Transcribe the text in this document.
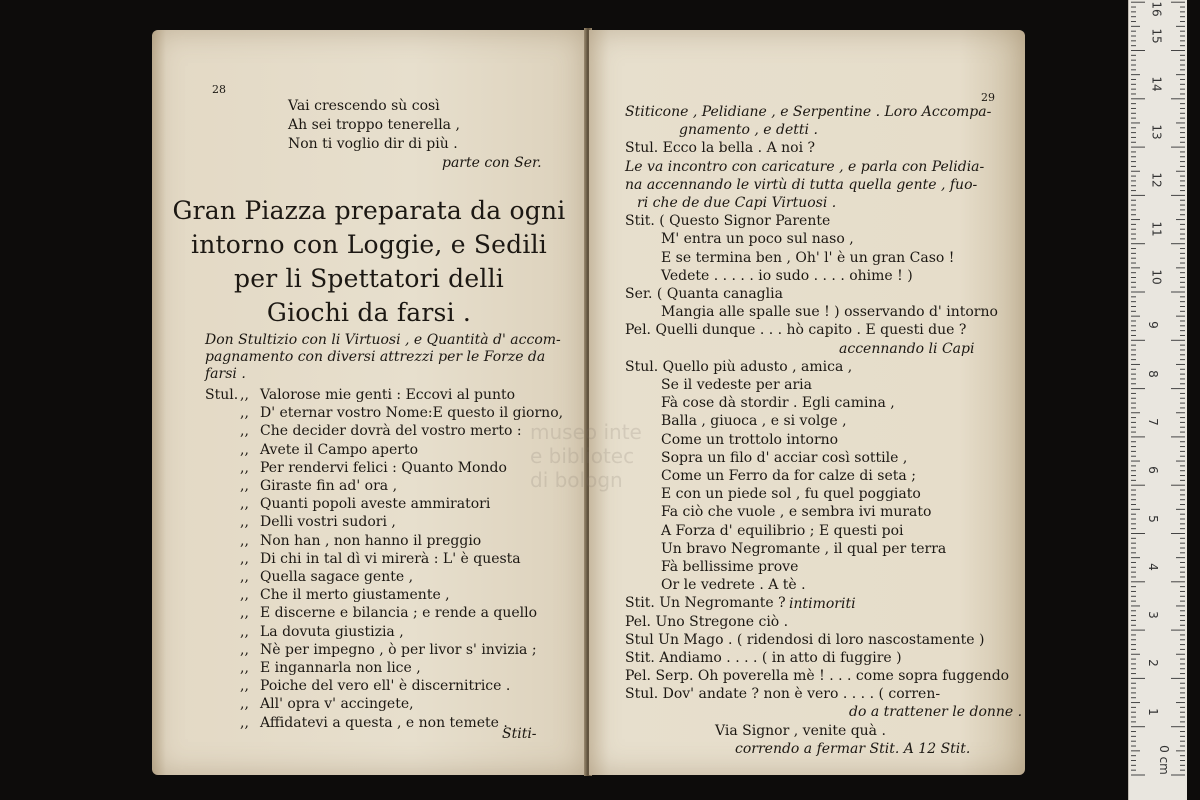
28
Vai crescendo sù così
Ah sei troppo tenerella ,
Non ti voglio dir di più .
parte con Ser.
Gran Piazza preparata da ogni
intorno con Loggie, e Sedili
per li Spettatori delli
Giochi da farsi .
Don Stultizio con li Virtuosi , e Quantità d' accom-
pagnamento con diversi attrezzi per le Forze da
farsi .
Stul. ,, Valorose mie genti : Eccovi al punto
,, D' eternar vostro Nome:E questo il giorno,
,, Che decider dovrà del vostro merto :
,, Avete il Campo aperto
,, Per rendervi felici : Quanto Mondo
,, Giraste fin ad' ora ,
,, Quanti popoli aveste ammiratori
,, Delli vostri sudori ,
,, Non han , non hanno il preggio
,, Di chi in tal dì vi mirerà : L' è questa
,, Quella sagace gente ,
,, Che il merto giustamente ,
,, E discerne e bilancia ; e rende a quello
,, La dovuta giustizia ,
,, Nè per impegno , ò per livor s' invizia ;
,, E ingannarla non lice ,
,, Poiche del vero ell' è discernitrice .
,, All' opra v' accingete,
,, Affidatevi a questa , e non temete .
Stiti-
29
Stiticone , Pelidiane , e Serpentine . Loro Accompa-
gnamento , e detti .
Stul. Ecco la bella . A noi ?
Le va incontro con caricature , e parla con Pelidia-
na accennando le virtù di tutta quella gente , fuo-
ri che de due Capi Virtuosi .
Stit. ( Questo Signor Parente
M' entra un poco sul naso ,
E se termina ben , Oh' l' è un gran Caso !
Vedete . . . . . io sudo . . . . ohime ! )
Ser. ( Quanta canaglia
Mangia alle spalle sue ! ) osservando d' intorno
Pel. Quelli dunque . . . hò capito . E questi due ?
accennando li Capi
Stul. Quello più adusto , amica ,
Se il vedeste per aria
Fà cose dà stordir . Egli camina ,
Balla , giuoca , e si volge ,
Come un trottolo intorno
Sopra un filo d' acciar così sottile ,
Come un Ferro da for calze di seta ;
E con un piede sol , fu quel poggiato
Fa ciò che vuole , e sembra ivi murato
A Forza d' equilibrio ; E questi poi
Un bravo Negromante , il qual per terra
Fà bellissime prove
Or le vedrete . A tè .
Stit. Un Negromante ?
Pel. Uno Stregone ciò .
Stul Un Mago . ( ridendosi di loro nascostamente )
Stit. Andiamo . . . . ( in atto di fuggire )
Pel. Serp. Oh poverella mè ! . . . come sopra fuggendo
Stul. Dov' andate ? non è vero . . . . ( corren-
do a trattener le donne .
Via Signor , venite quà .
correndo a fermar Stit. A 12 Stit.
intimoriti
museo inte
e bibliotec
di bologn
0 cm
1
2
3
4
5
6
7
8
9
10
11
12
13
14
15
16
